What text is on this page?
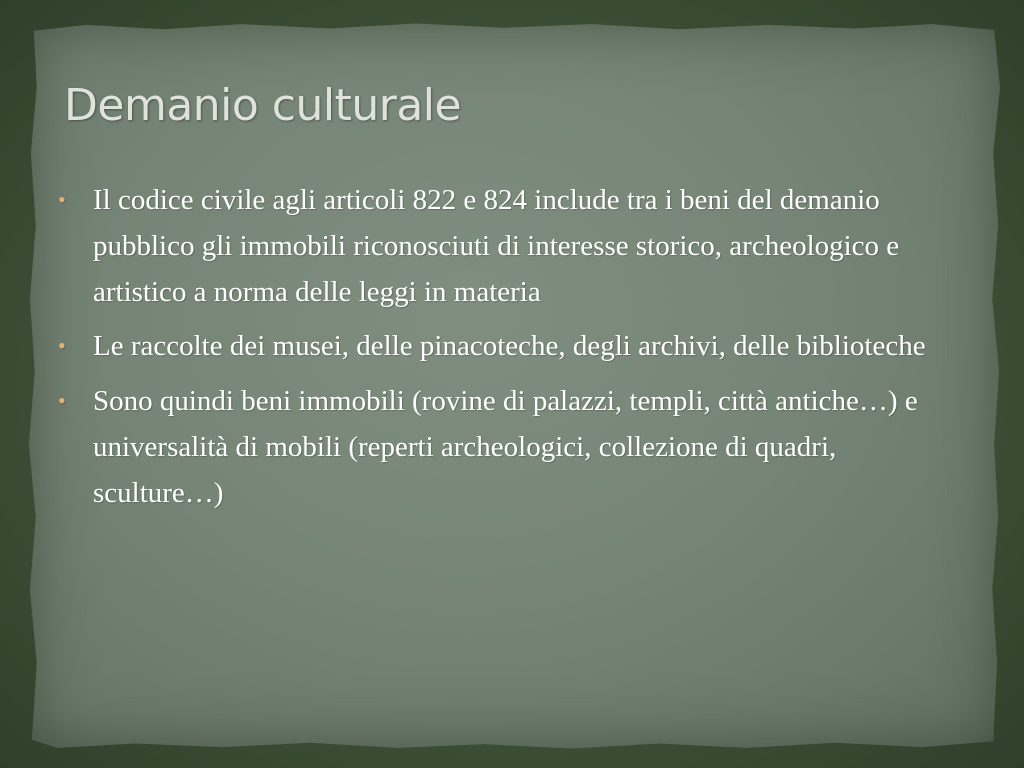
Demanio culturale
• Il codice civile agli articoli 822 e 824 include tra i beni del demanio pubblico gli immobili riconosciuti di interesse storico, archeologico e artistico a norma delle leggi in materia
• Le raccolte dei musei, delle pinacoteche, degli archivi, delle biblioteche
• Sono quindi beni immobili (rovine di palazzi, templi, città antiche…) e universalità di mobili (reperti archeologici, collezione di quadri, sculture…)
